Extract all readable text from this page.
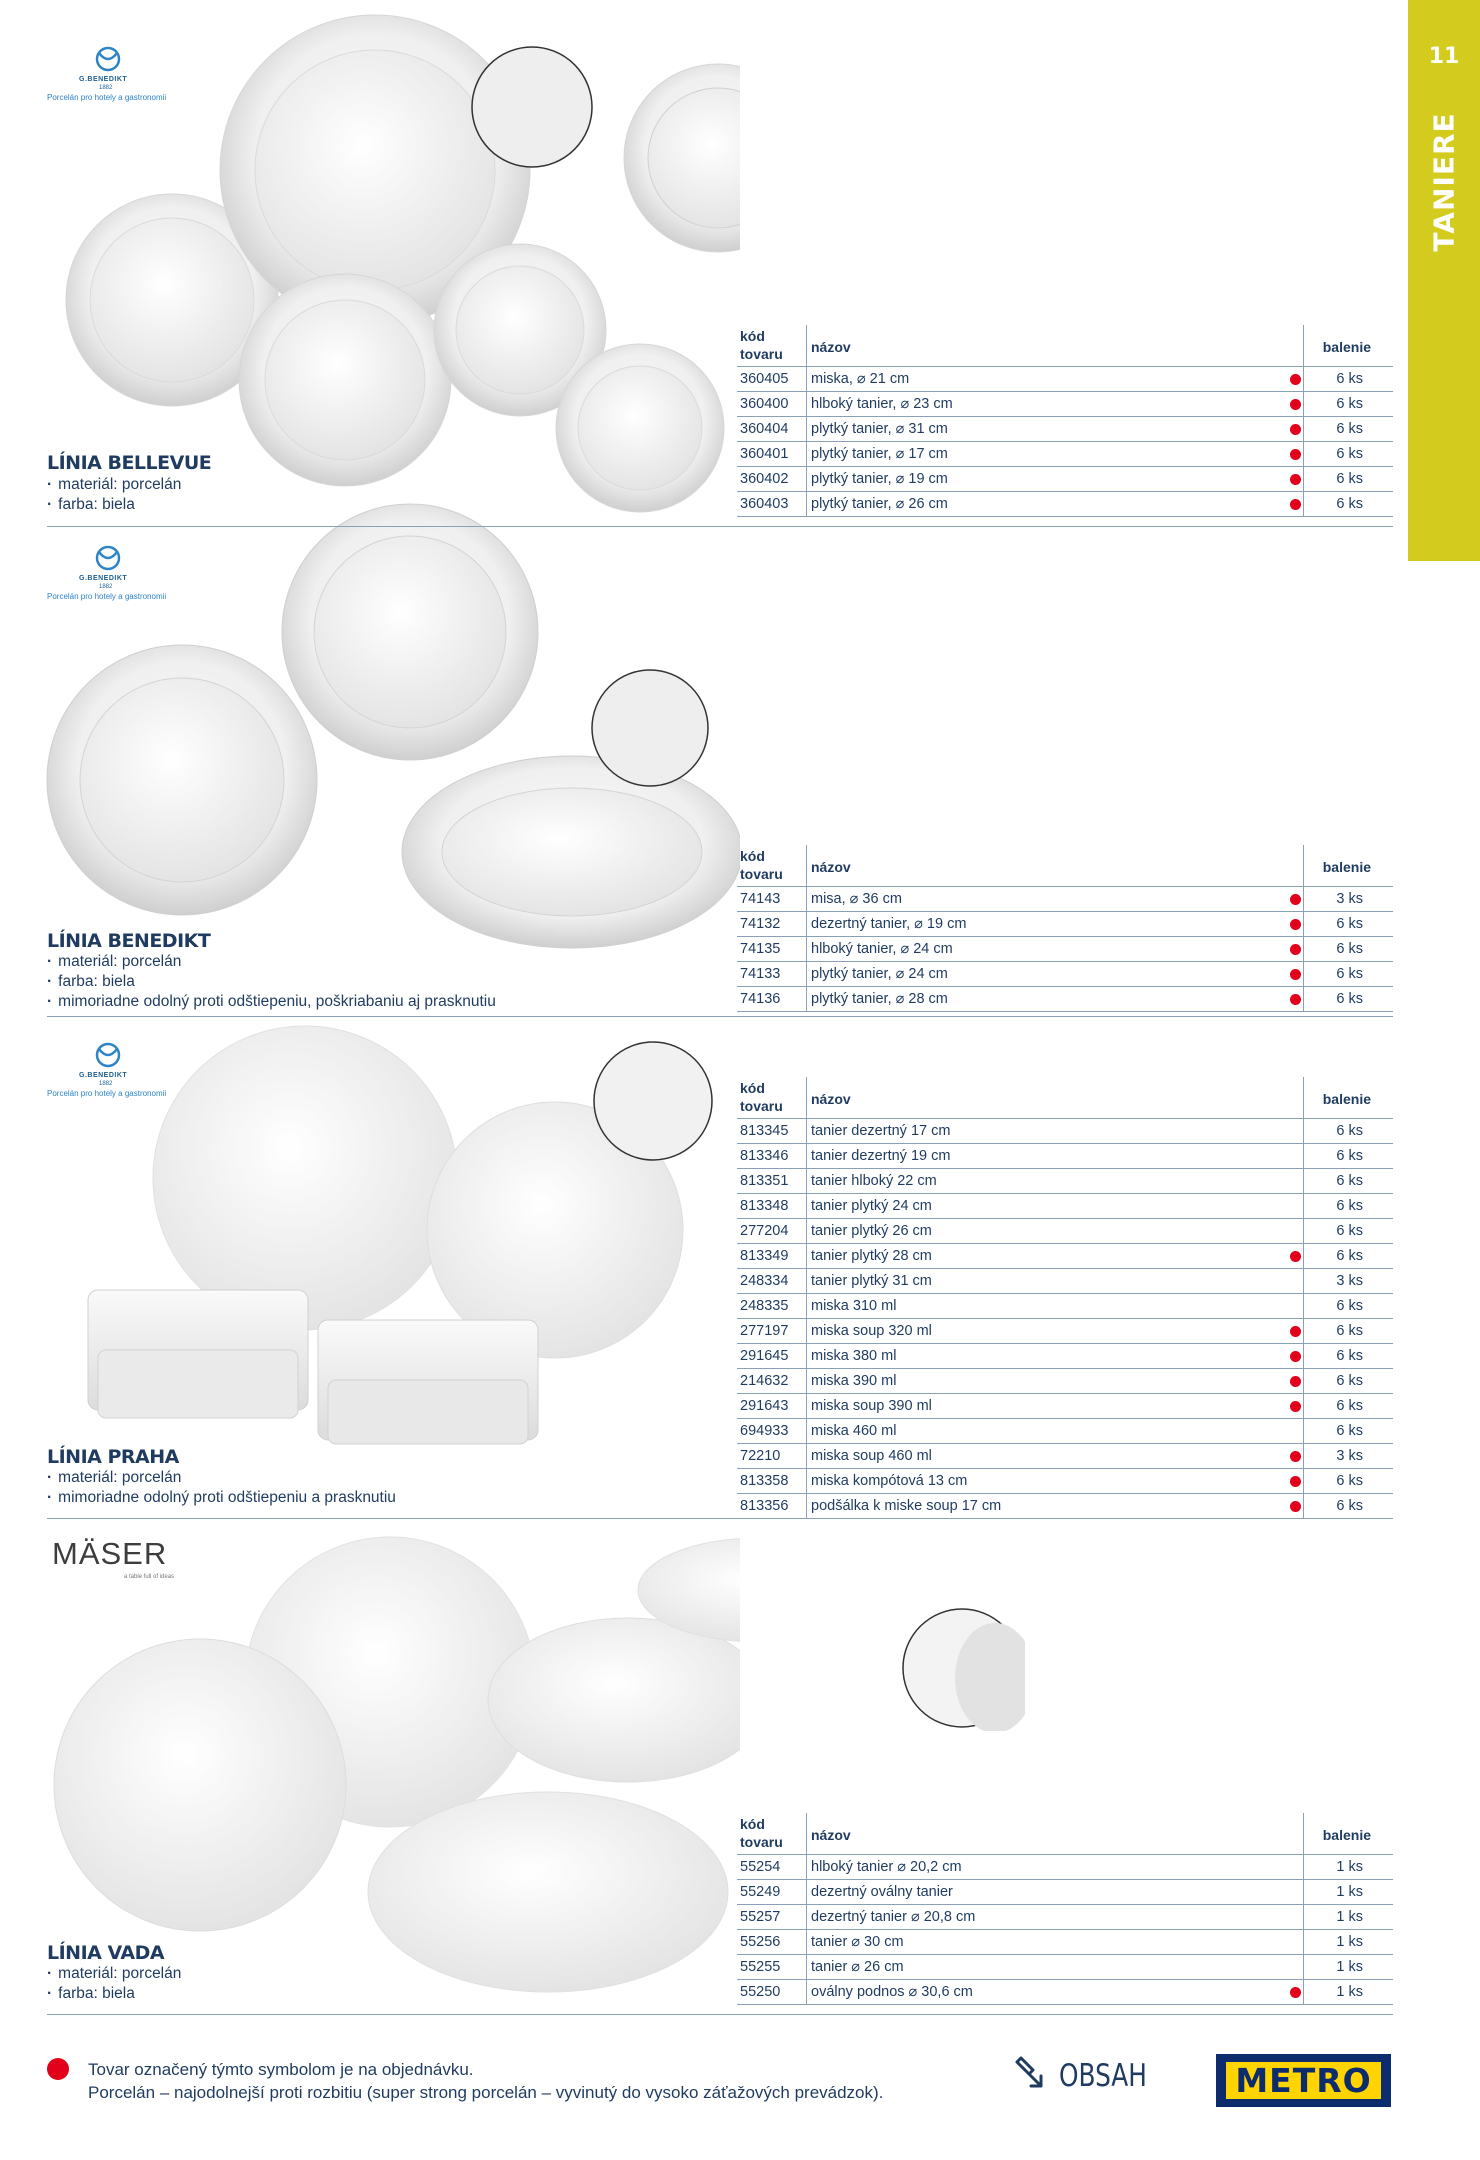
11
TANIERE
G.BENEDIKT
1882
Porcelán pro hotely a gastronomii
G.BENEDIKT
1882
Porcelán pro hotely a gastronomii
G.BENEDIKT
1882
Porcelán pro hotely a gastronomii
MÄSER
a table full of ideas
LÍNIA BELLEVUE
· materiál: porcelán
· farba: biela
LÍNIA BENEDIKT
· materiál: porcelán
· farba: biela
· mimoriadne odolný proti odštiepeniu, poškriabaniu aj prasknutiu
LÍNIA PRAHA
· materiál: porcelán
· mimoriadne odolný proti odštiepeniu a prasknutiu
LÍNIA VADA
· materiál: porcelán
· farba: biela
kód tovaru	názov	balenie
360405 miska, ⌀ 21 cm	6 ks
360400 hlboký tanier, ⌀ 23 cm	6 ks
360404 plytký tanier, ⌀ 31 cm	6 ks
360401 plytký tanier, ⌀ 17 cm	6 ks
360402 plytký tanier, ⌀ 19 cm	6 ks
360403 plytký tanier, ⌀ 26 cm	6 ks
kód tovaru	názov	balenie
74143 misa, ⌀ 36 cm	3 ks
74132 dezertný tanier, ⌀ 19 cm	6 ks
74135 hlboký tanier, ⌀ 24 cm	6 ks
74133 plytký tanier, ⌀ 24 cm	6 ks
74136 plytký tanier, ⌀ 28 cm	6 ks
kód tovaru	názov	balenie
813345 tanier dezertný 17 cm	6 ks
813346 tanier dezertný 19 cm	6 ks
813351 tanier hlboký 22 cm	6 ks
813348 tanier plytký 24 cm	6 ks
277204 tanier plytký 26 cm	6 ks
813349 tanier plytký 28 cm	6 ks
248334 tanier plytký 31 cm	3 ks
248335 miska 310 ml	6 ks
277197 miska soup 320 ml	6 ks
291645 miska 380 ml	6 ks
214632 miska 390 ml	6 ks
291643 miska soup 390 ml	6 ks
694933 miska 460 ml	6 ks
72210 miska soup 460 ml	3 ks
813358 miska kompótová 13 cm	6 ks
813356 podšálka k miske soup 17 cm	6 ks
kód tovaru	názov	balenie
55254 hlboký tanier ⌀ 20,2 cm	1 ks
55249 dezertný oválny tanier	1 ks
55257 dezertný tanier ⌀ 20,8 cm	1 ks
55256 tanier ⌀ 30 cm	1 ks
55255 tanier ⌀ 26 cm	1 ks
55250 oválny podnos ⌀ 30,6 cm	1 ks
Tovar označený týmto symbolom je na objednávku.
Porcelán – najodolnejší proti rozbitiu (super strong porcelán – vyvinutý do vysoko záťažových prevádzok).	OBSAH	METRO
